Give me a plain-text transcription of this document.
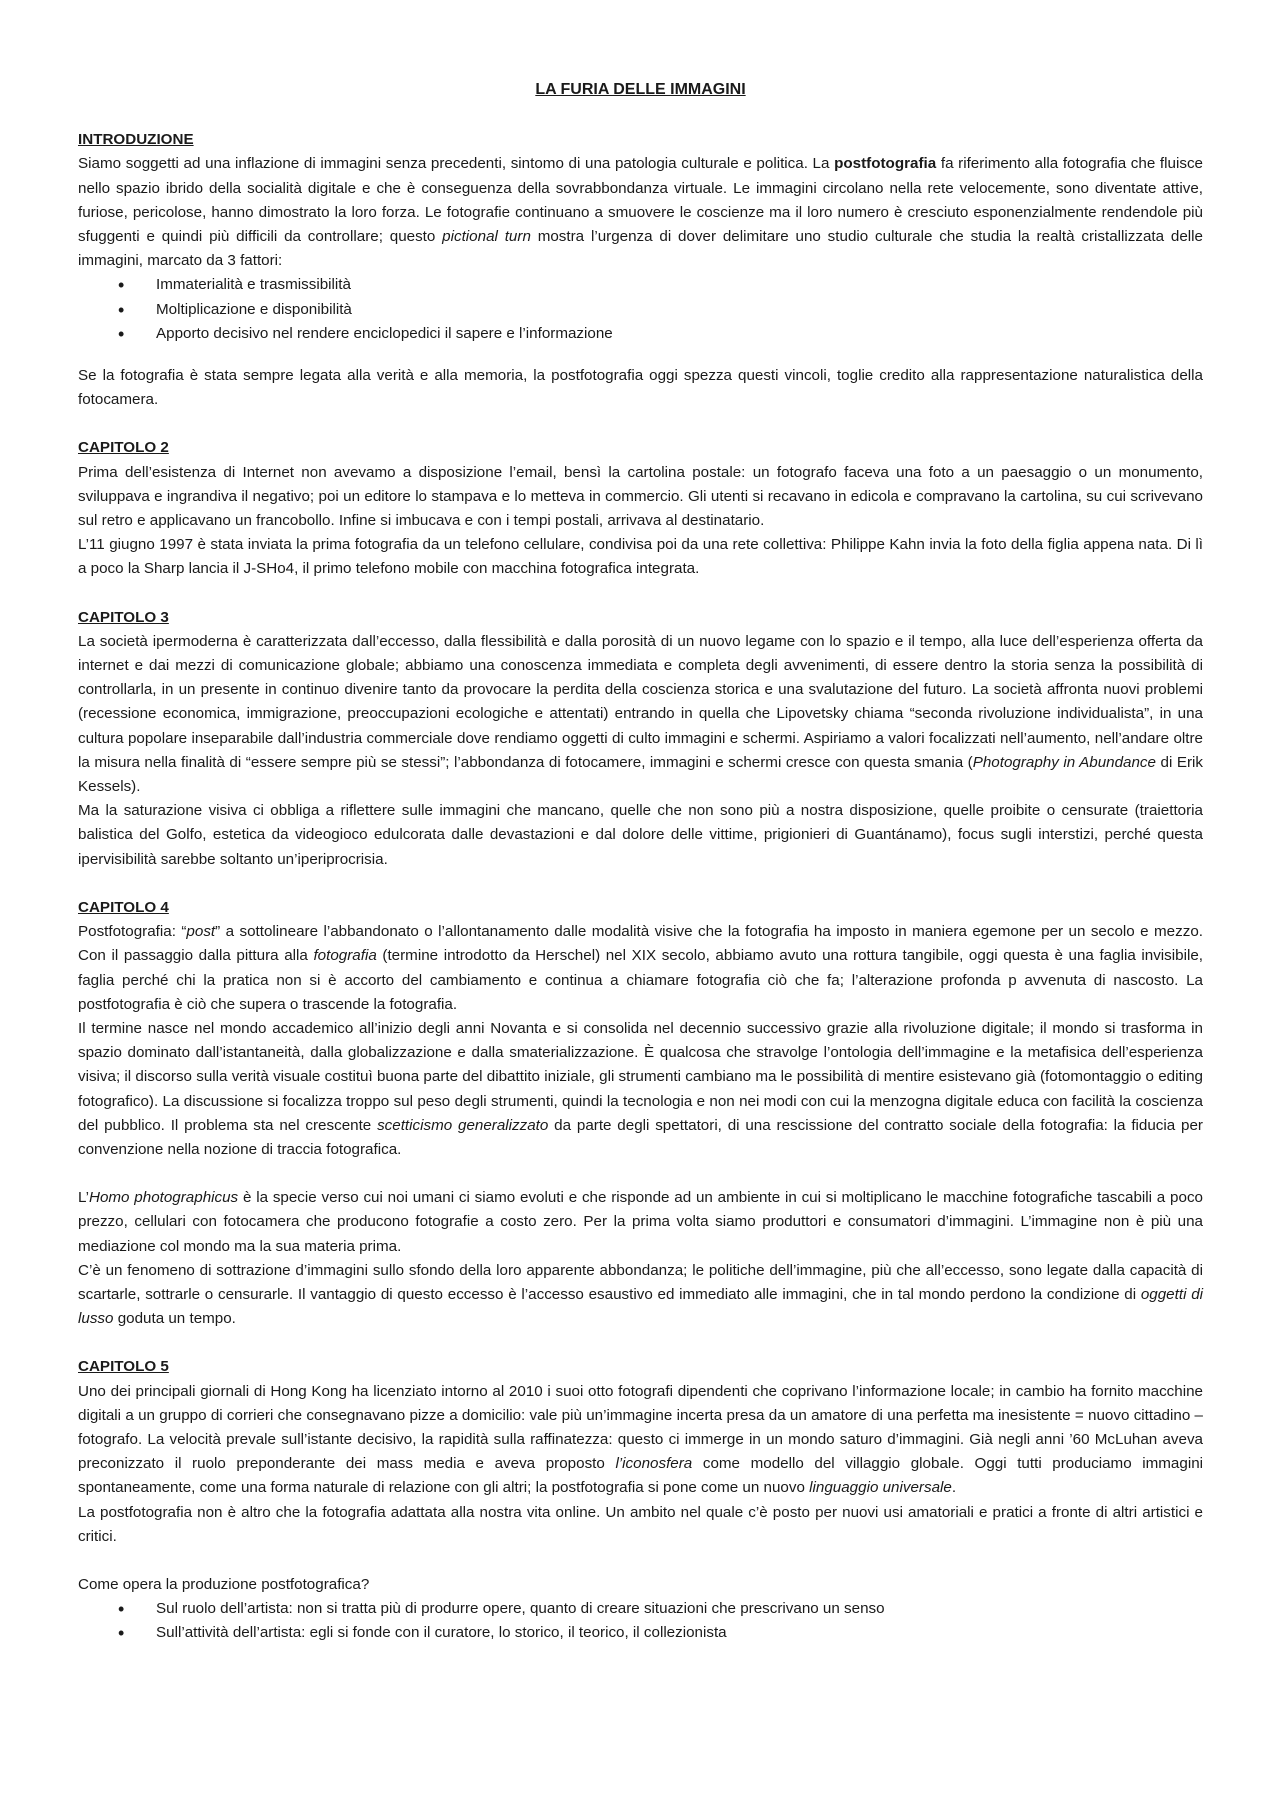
LA FURIA DELLE IMMAGINI
INTRODUZIONE

Siamo soggetti ad una inflazione di immagini senza precedenti, sintomo di una patologia culturale e politica. La postfotografia fa riferimento alla fotografia che fluisce nello spazio ibrido della socialità digitale e che è conseguenza della sovrabbondanza virtuale. Le immagini circolano nella rete velocemente, sono diventate attive, furiose, pericolose, hanno dimostrato la loro forza. Le fotografie continuano a smuovere le coscienze ma il loro numero è cresciuto esponenzialmente rendendole più sfuggenti e quindi più difficili da controllare; questo pictional turn mostra l’urgenza di dover delimitare uno studio culturale che studia la realtà cristallizzata delle immagini, marcato da 3 fattori:

• Immaterialità e trasmissibilità
• Moltiplicazione e disponibilità
• Apporto decisivo nel rendere enciclopedici il sapere e l’informazione

Se la fotografia è stata sempre legata alla verità e alla memoria, la postfotografia oggi spezza questi vincoli, toglie credito alla rappresentazione naturalistica della fotocamera.

CAPITOLO 2

Prima dell’esistenza di Internet non avevamo a disposizione l’email, bensì la cartolina postale: un fotografo faceva una foto a un paesaggio o un monumento, sviluppava e ingrandiva il negativo; poi un editore lo stampava e lo metteva in commercio. Gli utenti si recavano in edicola e compravano la cartolina, su cui scrivevano sul retro e applicavano un francobollo. Infine si imbucava e con i tempi postali, arrivava al destinatario.

L’11 giugno 1997 è stata inviata la prima fotografia da un telefono cellulare, condivisa poi da una rete collettiva: Philippe Kahn invia la foto della figlia appena nata. Di lì a poco la Sharp lancia il J-SHo4, il primo telefono mobile con macchina fotografica integrata.

CAPITOLO 3

La società ipermoderna è caratterizzata dall’eccesso, dalla flessibilità e dalla porosità di un nuovo legame con lo spazio e il tempo, alla luce dell’esperienza offerta da internet e dai mezzi di comunicazione globale; abbiamo una conoscenza immediata e completa degli avvenimenti, di essere dentro la storia senza la possibilità di controllarla, in un presente in continuo divenire tanto da provocare la perdita della coscienza storica e una svalutazione del futuro. La società affronta nuovi problemi (recessione economica, immigrazione, preoccupazioni ecologiche e attentati) entrando in quella che Lipovetsky chiama “seconda rivoluzione individualista”, in una cultura popolare inseparabile dall’industria commerciale dove rendiamo oggetti di culto immagini e schermi. Aspiriamo a valori focalizzati nell’aumento, nell’andare oltre la misura nella finalità di “essere sempre più se stessi”; l’abbondanza di fotocamere, immagini e schermi cresce con questa smania (Photography in Abundance di Erik Kessels).

Ma la saturazione visiva ci obbliga a riflettere sulle immagini che mancano, quelle che non sono più a nostra disposizione, quelle proibite o censurate (traiettoria balistica del Golfo, estetica da videogioco edulcorata dalle devastazioni e dal dolore delle vittime, prigionieri di Guantánamo), focus sugli interstizi, perché questa ipervisibilità sarebbe soltanto un’iperiprocrisia.

CAPITOLO 4

Postfotografia: “post” a sottolineare l’abbandonato o l’allontanamento dalle modalità visive che la fotografia ha imposto in maniera egemone per un secolo e mezzo. Con il passaggio dalla pittura alla fotografia (termine introdotto da Herschel) nel XIX secolo, abbiamo avuto una rottura tangibile, oggi questa è una faglia invisibile, faglia perché chi la pratica non si è accorto del cambiamento e continua a chiamare fotografia ciò che fa; l’alterazione profonda p avvenuta di nascosto. La postfotografia è ciò che supera o trascende la fotografia.

Il termine nasce nel mondo accademico all’inizio degli anni Novanta e si consolida nel decennio successivo grazie alla rivoluzione digitale; il mondo si trasforma in spazio dominato dall’istantaneità, dalla globalizzazione e dalla smaterializzazione. È qualcosa che stravolge l’ontologia dell’immagine e la metafisica dell’esperienza visiva; il discorso sulla verità visuale costituì buona parte del dibattito iniziale, gli strumenti cambiano ma le possibilità di mentire esistevano già (fotomontaggio o editing fotografico). La discussione si focalizza troppo sul peso degli strumenti, quindi la tecnologia e non nei modi con cui la menzogna digitale educa con facilità la coscienza del pubblico. Il problema sta nel crescente scetticismo generalizzato da parte degli spettatori, di una rescissione del contratto sociale della fotografia: la fiducia per convenzione nella nozione di traccia fotografica.

L’Homo photographicus è la specie verso cui noi umani ci siamo evoluti e che risponde ad un ambiente in cui si moltiplicano le macchine fotografiche tascabili a poco prezzo, cellulari con fotocamera che producono fotografie a costo zero. Per la prima volta siamo produttori e consumatori d’immagini. L’immagine non è più una mediazione col mondo ma la sua materia prima.

C’è un fenomeno di sottrazione d’immagini sullo sfondo della loro apparente abbondanza; le politiche dell’immagine, più che all’eccesso, sono legate dalla capacità di scartarle, sottrarle o censurarle. Il vantaggio di questo eccesso è l’accesso esaustivo ed immediato alle immagini, che in tal mondo perdono la condizione di oggetti di lusso goduta un tempo.

CAPITOLO 5

Uno dei principali giornali di Hong Kong ha licenziato intorno al 2010 i suoi otto fotografi dipendenti che coprivano l’informazione locale; in cambio ha fornito macchine digitali a un gruppo di corrieri che consegnavano pizze a domicilio: vale più un’immagine incerta presa da un amatore di una perfetta ma inesistente = nuovo cittadino – fotografo. La velocità prevale sull’istante decisivo, la rapidità sulla raffinatezza: questo ci immerge in un mondo saturo d’immagini. Già negli anni ’60 McLuhan aveva preconizzato il ruolo preponderante dei mass media e aveva proposto l’iconosfera come modello del villaggio globale. Oggi tutti produciamo immagini spontaneamente, come una forma naturale di relazione con gli altri; la postfotografia si pone come un nuovo linguaggio universale.

La postfotografia non è altro che la fotografia adattata alla nostra vita online. Un ambito nel quale c’è posto per nuovi usi amatoriali e pratici a fronte di altri artistici e critici.

Come opera la produzione postfotografica?

• Sul ruolo dell’artista: non si tratta più di produrre opere, quanto di creare situazioni che prescrivano un senso
• Sull’attività dell’artista: egli si fonde con il curatore, lo storico, il teorico, il collezionista
